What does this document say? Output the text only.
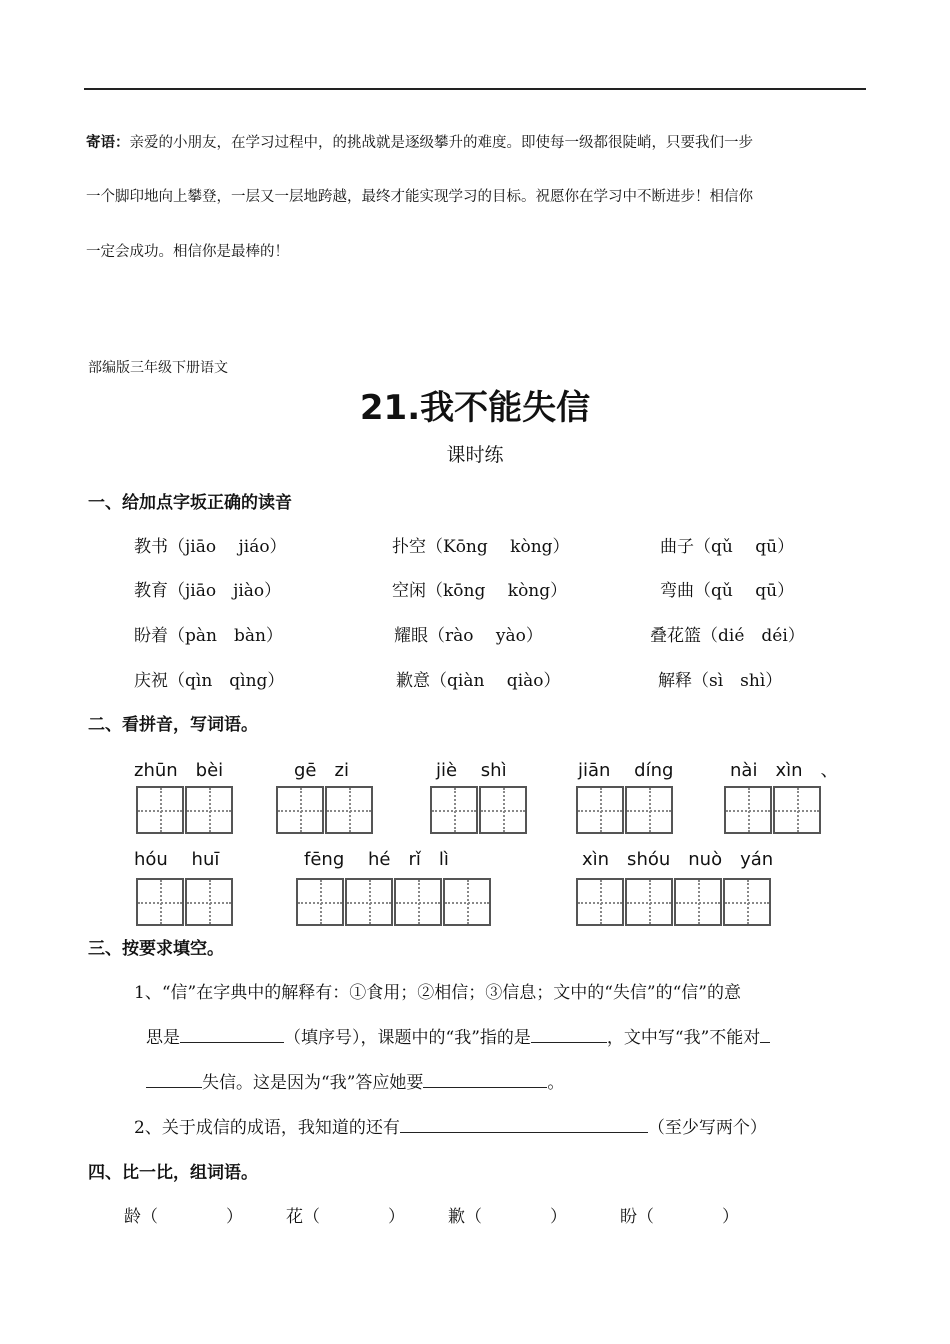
寄语：亲爱的小朋友，在学习过程中，的挑战就是逐级攀升的难度。即使每一级都很陡峭，只要我们一步
一个脚印地向上攀登，一层又一层地跨越，最终才能实现学习的目标。祝愿你在学习中不断进步！相信你
一定会成功。相信你是最棒的！
部编版三年级下册语文
21.我不能失信
课时练
一、给加点字坂正确的读音
教书（jiāo　 jiáo）	扑空（Kōng　 kòng）	曲子（qǔ　 qū）
教育（jiāo　jiào）	空闲（kōng　 kòng）	弯曲（qǔ　 qū）
盼着（pàn　bàn）	耀眼（rào　 yào）	叠花篮（dié　déi）
庆祝（qìn　qìng）	歉意（qiàn　 qiào）	解释（sì　shì）
二、看拼音，写词语。
zhūn　bèi	gē　zi	jiè　 shì	jiān　 díng	nài　xìn　、
hóu　 huī	fēng　 hé　rǐ　lì	xìn　shóu　nuò　yán
三、按要求填空。
1、“信”在字典中的解释有：①食用；②相信；③信息；文中的“失信”的“信”的意
思是	（填序号），课题中的“我”指的是	，文中写“我”不能对
失信。这是因为“我”答应她要	。
2、关于成信的成语，我知道的还有	（至少写两个）
四、比一比，组词语。
龄（　　　　）	花（　　　　）	歉（　　　　）	盼（　　　　）
